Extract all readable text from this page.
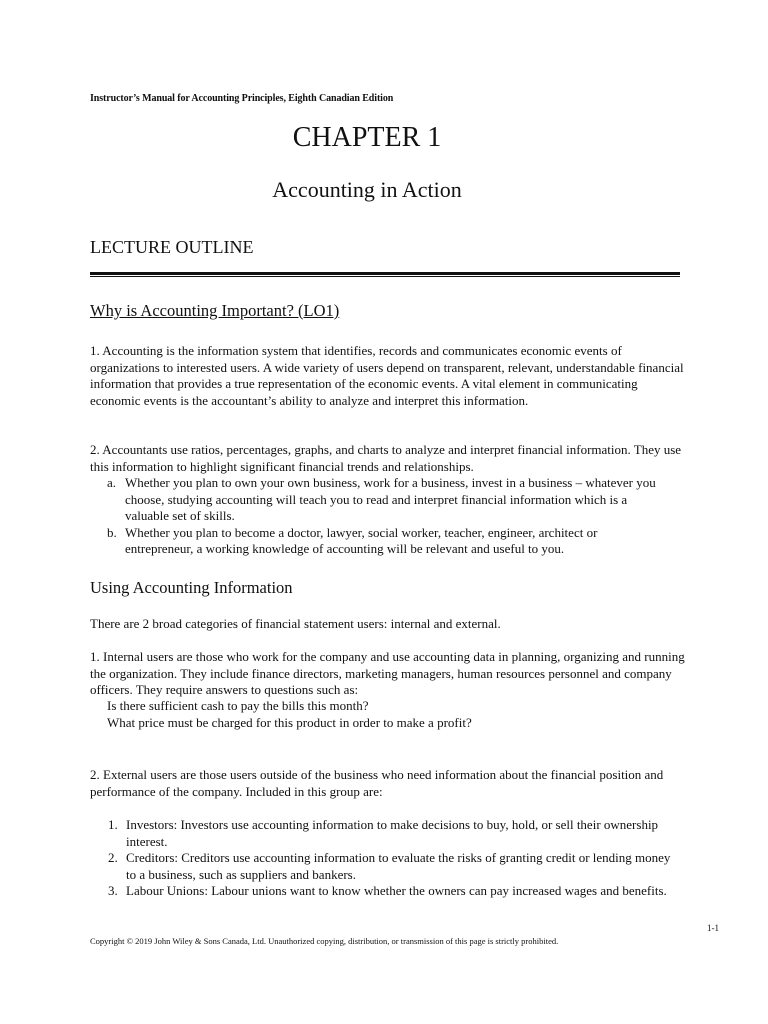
Instructor’s Manual for Accounting Principles, Eighth Canadian Edition
CHAPTER 1
Accounting in Action
LECTURE OUTLINE
Why is Accounting Important? (LO1)

1. Accounting is the information system that identifies, records and communicates economic events of organizations to interested users. A wide variety of users depend on transparent, relevant, understandable financial information that provides a true representation of the economic events. A vital element in communicating economic events is the accountant’s ability to analyze and interpret this information.

2. Accountants use ratios, percentages, graphs, and charts to analyze and interpret financial information. They use this information to highlight significant financial trends and relationships.

a. Whether you plan to own your own business, work for a business, invest in a business – whatever you choose, studying accounting will teach you to read and interpret financial information which is a valuable set of skills.
b. Whether you plan to become a doctor, lawyer, social worker, teacher, engineer, architect or entrepreneur, a working knowledge of accounting will be relevant and useful to you.
Using Accounting Information

There are 2 broad categories of financial statement users: internal and external.

1. Internal users are those who work for the company and use accounting data in planning, organizing and running the organization. They include finance directors, marketing managers, human resources personnel and company officers. They require answers to questions such as:

Is there sufficient cash to pay the bills this month?
What price must be charged for this product in order to make a profit?

2. External users are those users outside of the business who need information about the financial position and performance of the company. Included in this group are:

1. Investors: Investors use accounting information to make decisions to buy, hold, or sell their ownership interest.
2. Creditors: Creditors use accounting information to evaluate the risks of granting credit or lending money to a business, such as suppliers and bankers.
3. Labour Unions: Labour unions want to know whether the owners can pay increased wages and benefits.
1-1
Copyright © 2019 John Wiley & Sons Canada, Ltd. Unauthorized copying, distribution, or transmission of this page is strictly prohibited.
